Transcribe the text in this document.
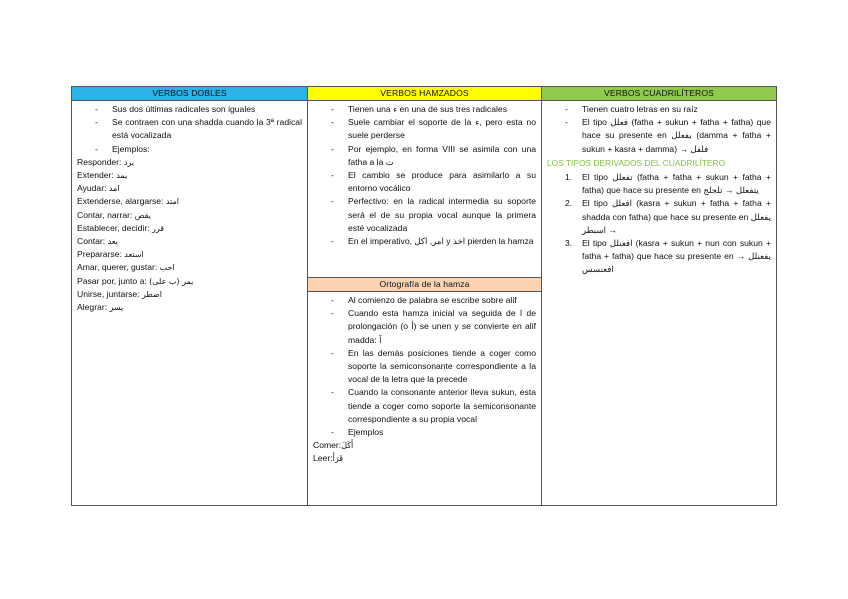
VERBOS DOBLES
- Sus dos últimas radicales son iguales
- Se contraen con una shadda cuando la 3ª radical está vocalizada
- Ejemplos:
Responder: يرد
Extender: يمد
Ayudar: امد
Extenderse, alargarse: امتد
Contar, narrar: يقص
Establecer, decidir: قرر
Contar: يعد
Prepararse: استعد
Amar, querer, gustar: احب
Pasar por, junto a: يمر (ب على)
Unirse, juntarse: اضطر
Alegrar: يسر
VERBOS HAMZADOS
- Tienen una ء en una de sus tres radicales
- Suele cambiar el soporte de la ء, pero esta no suele perderse
- Por ejemplo, en forma VIII se asimila con una fatha a la ت
- El cambio se produce para asimilarlo a su entorno vocálico
- Perfectivo: en la radical intermedia su soporte será el de su propia vocal aunque la primera esté vocalizada
- En el imperativo, امر, اكل y اخذ pierden la hamza
Ortografía de la hamza
- Al comienzo de palabra se escribe sobre alif
- Cuando esta hamza inicial va seguida de ا de prolongación (o أ) se unen y se convierte en alif madda: آ
- En las demás posiciones tiende a coger como soporte la semiconsonante correspondiente a la vocal de la letra que la precede
- Cuando la consonante anterior lleva sukun, esta tiende a coger como soporte la semiconsonante correspondiente a su propia vocal
- Ejemplos
Comer:أَكَلَ
Leer:قَرَأَ
VERBOS CUADRILÍTEROS
- Tienen cuatro letras en su raíz
- El tipo فعلل (fatha + sukun + fatha + fatha) que hace su presente en يفعلل (damma + fatha + sukun + kasra + damma) → فلفل
LOS TIPOS DERIVADOS DEL CUADRILÍTERO
1. El tipo تفعلل (fatha + fatha + sukun + fatha + fatha) que hace su presente en يتفعلل → تلجلج
2. El tipo افعلل (kasra + sukun + fatha + fatha + shadda con fatha) que hace su presente en يفعلل → اسبطر
3. El tipo افعنلل (kasra + sukun + nun con sukun + fatha + fatha) que hace su presente en يفعنلل → افعنسس
